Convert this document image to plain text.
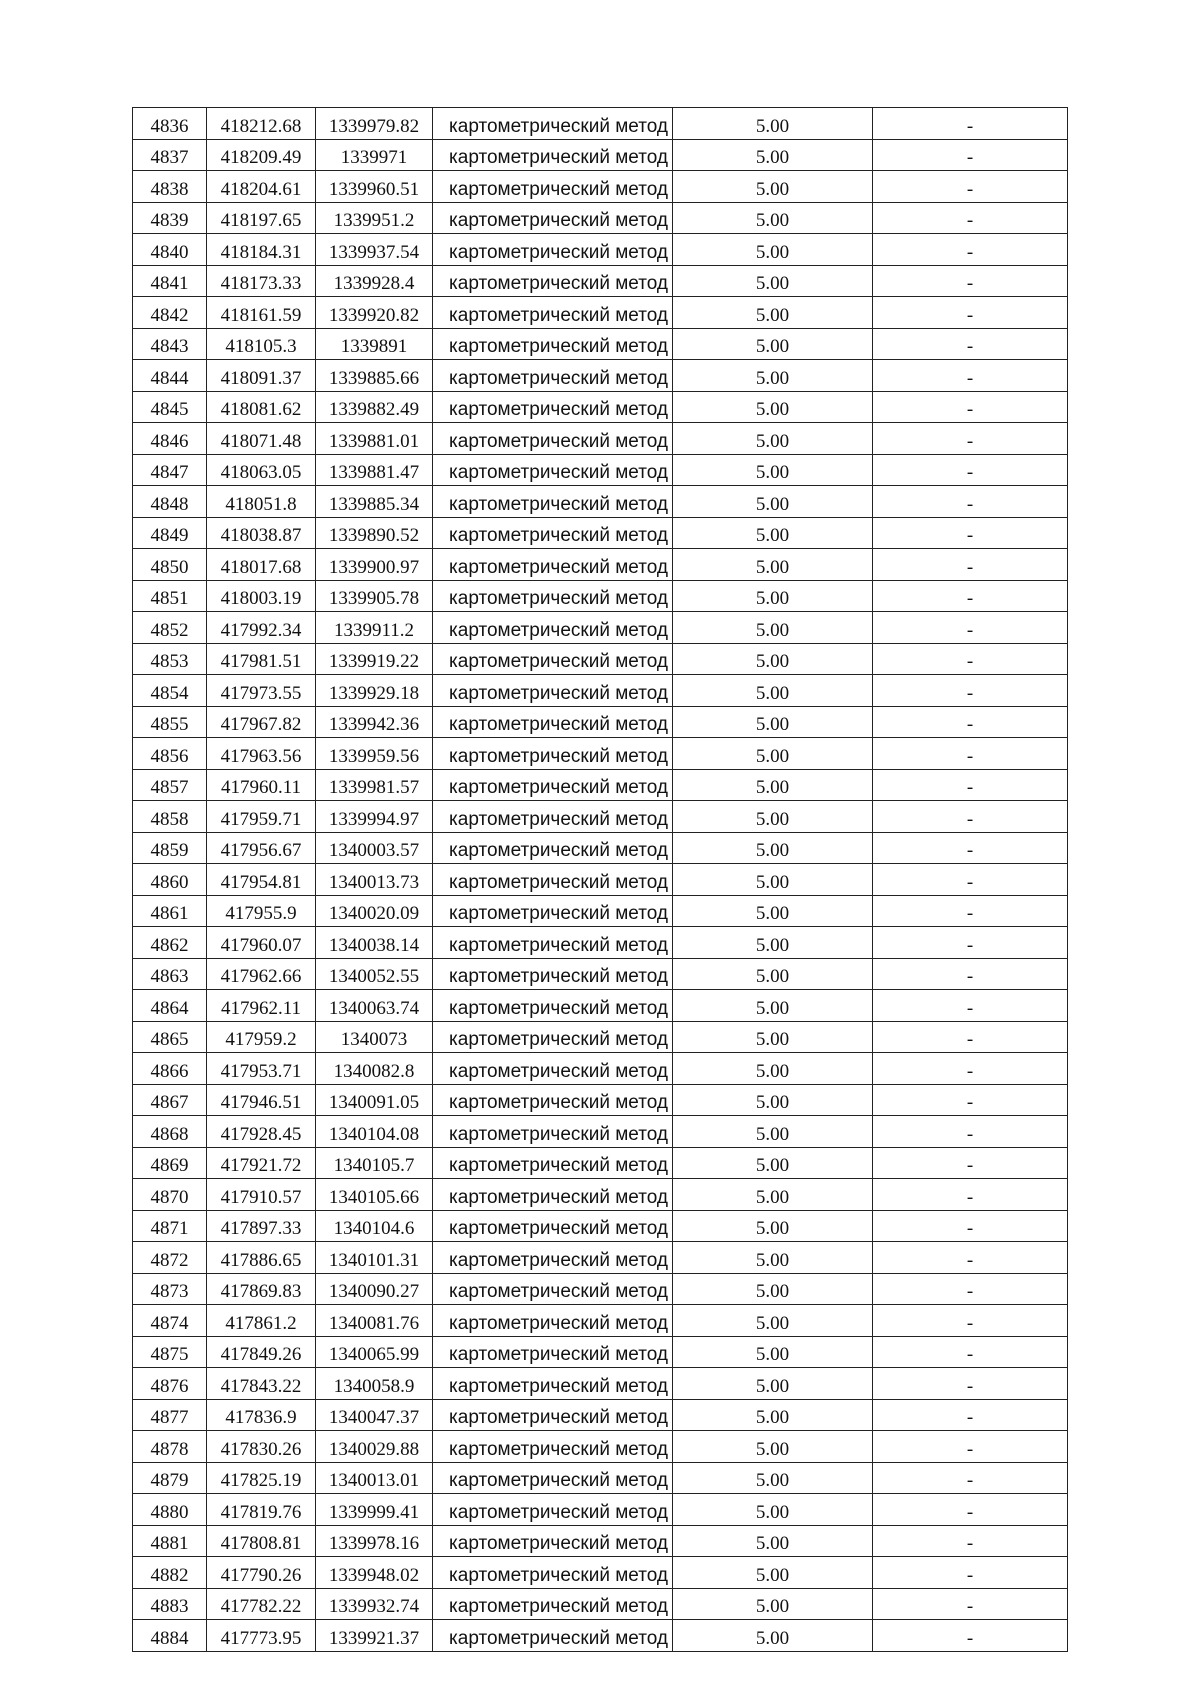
4836	418212.68	1339979.82	картометрический метод	5.00	-
4837	418209.49	1339971	картометрический метод	5.00	-
4838	418204.61	1339960.51	картометрический метод	5.00	-
4839	418197.65	1339951.2	картометрический метод	5.00	-
4840	418184.31	1339937.54	картометрический метод	5.00	-
4841	418173.33	1339928.4	картометрический метод	5.00	-
4842	418161.59	1339920.82	картометрический метод	5.00	-
4843	418105.3	1339891	картометрический метод	5.00	-
4844	418091.37	1339885.66	картометрический метод	5.00	-
4845	418081.62	1339882.49	картометрический метод	5.00	-
4846	418071.48	1339881.01	картометрический метод	5.00	-
4847	418063.05	1339881.47	картометрический метод	5.00	-
4848	418051.8	1339885.34	картометрический метод	5.00	-
4849	418038.87	1339890.52	картометрический метод	5.00	-
4850	418017.68	1339900.97	картометрический метод	5.00	-
4851	418003.19	1339905.78	картометрический метод	5.00	-
4852	417992.34	1339911.2	картометрический метод	5.00	-
4853	417981.51	1339919.22	картометрический метод	5.00	-
4854	417973.55	1339929.18	картометрический метод	5.00	-
4855	417967.82	1339942.36	картометрический метод	5.00	-
4856	417963.56	1339959.56	картометрический метод	5.00	-
4857	417960.11	1339981.57	картометрический метод	5.00	-
4858	417959.71	1339994.97	картометрический метод	5.00	-
4859	417956.67	1340003.57	картометрический метод	5.00	-
4860	417954.81	1340013.73	картометрический метод	5.00	-
4861	417955.9	1340020.09	картометрический метод	5.00	-
4862	417960.07	1340038.14	картометрический метод	5.00	-
4863	417962.66	1340052.55	картометрический метод	5.00	-
4864	417962.11	1340063.74	картометрический метод	5.00	-
4865	417959.2	1340073	картометрический метод	5.00	-
4866	417953.71	1340082.8	картометрический метод	5.00	-
4867	417946.51	1340091.05	картометрический метод	5.00	-
4868	417928.45	1340104.08	картометрический метод	5.00	-
4869	417921.72	1340105.7	картометрический метод	5.00	-
4870	417910.57	1340105.66	картометрический метод	5.00	-
4871	417897.33	1340104.6	картометрический метод	5.00	-
4872	417886.65	1340101.31	картометрический метод	5.00	-
4873	417869.83	1340090.27	картометрический метод	5.00	-
4874	417861.2	1340081.76	картометрический метод	5.00	-
4875	417849.26	1340065.99	картометрический метод	5.00	-
4876	417843.22	1340058.9	картометрический метод	5.00	-
4877	417836.9	1340047.37	картометрический метод	5.00	-
4878	417830.26	1340029.88	картометрический метод	5.00	-
4879	417825.19	1340013.01	картометрический метод	5.00	-
4880	417819.76	1339999.41	картометрический метод	5.00	-
4881	417808.81	1339978.16	картометрический метод	5.00	-
4882	417790.26	1339948.02	картометрический метод	5.00	-
4883	417782.22	1339932.74	картометрический метод	5.00	-
4884	417773.95	1339921.37	картометрический метод	5.00	-
